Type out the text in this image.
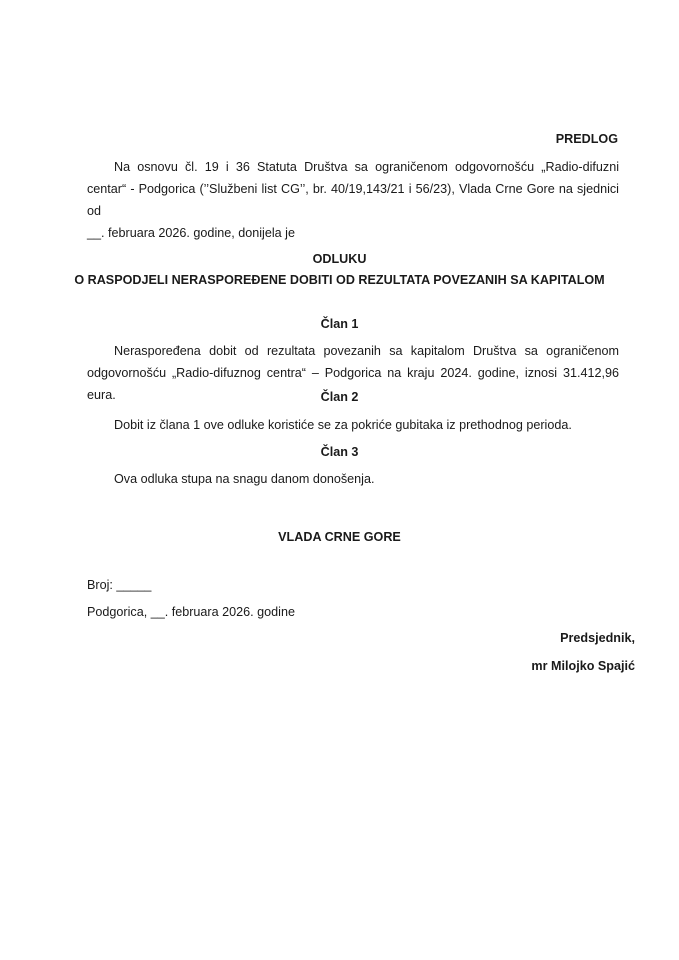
PREDLOG
Na osnovu čl. 19 i 36 Statuta Društva sa ograničenom odgovornošću „Radio-difuzni
centar“ - Podgorica (’’Službeni list CG’’, br. 40/19,143/21 i 56/23), Vlada Crne Gore na sjednici od
__. februara 2026. godine, donijela je
ODLUKU
O RASPODJELI NERASPOREĐENE DOBITI OD REZULTATA POVEZANIH SA KAPITALOM
Član 1
Neraspoređena dobit od rezultata povezanih sa kapitalom Društva sa ograničenom
odgovornošću „Radio-difuznog centra“ – Podgorica na kraju 2024. godine, iznosi 31.412,96 eura.	Član 2
Dobit iz člana 1 ove odluke koristiće se za pokriće gubitaka iz prethodnog perioda.
Član 3
Ova odluka stupa na snagu danom donošenja.
VLADA CRNE GORE
Broj: _____
Podgorica, __. februara 2026. godine
Predsjednik,
mr Milojko Spajić
